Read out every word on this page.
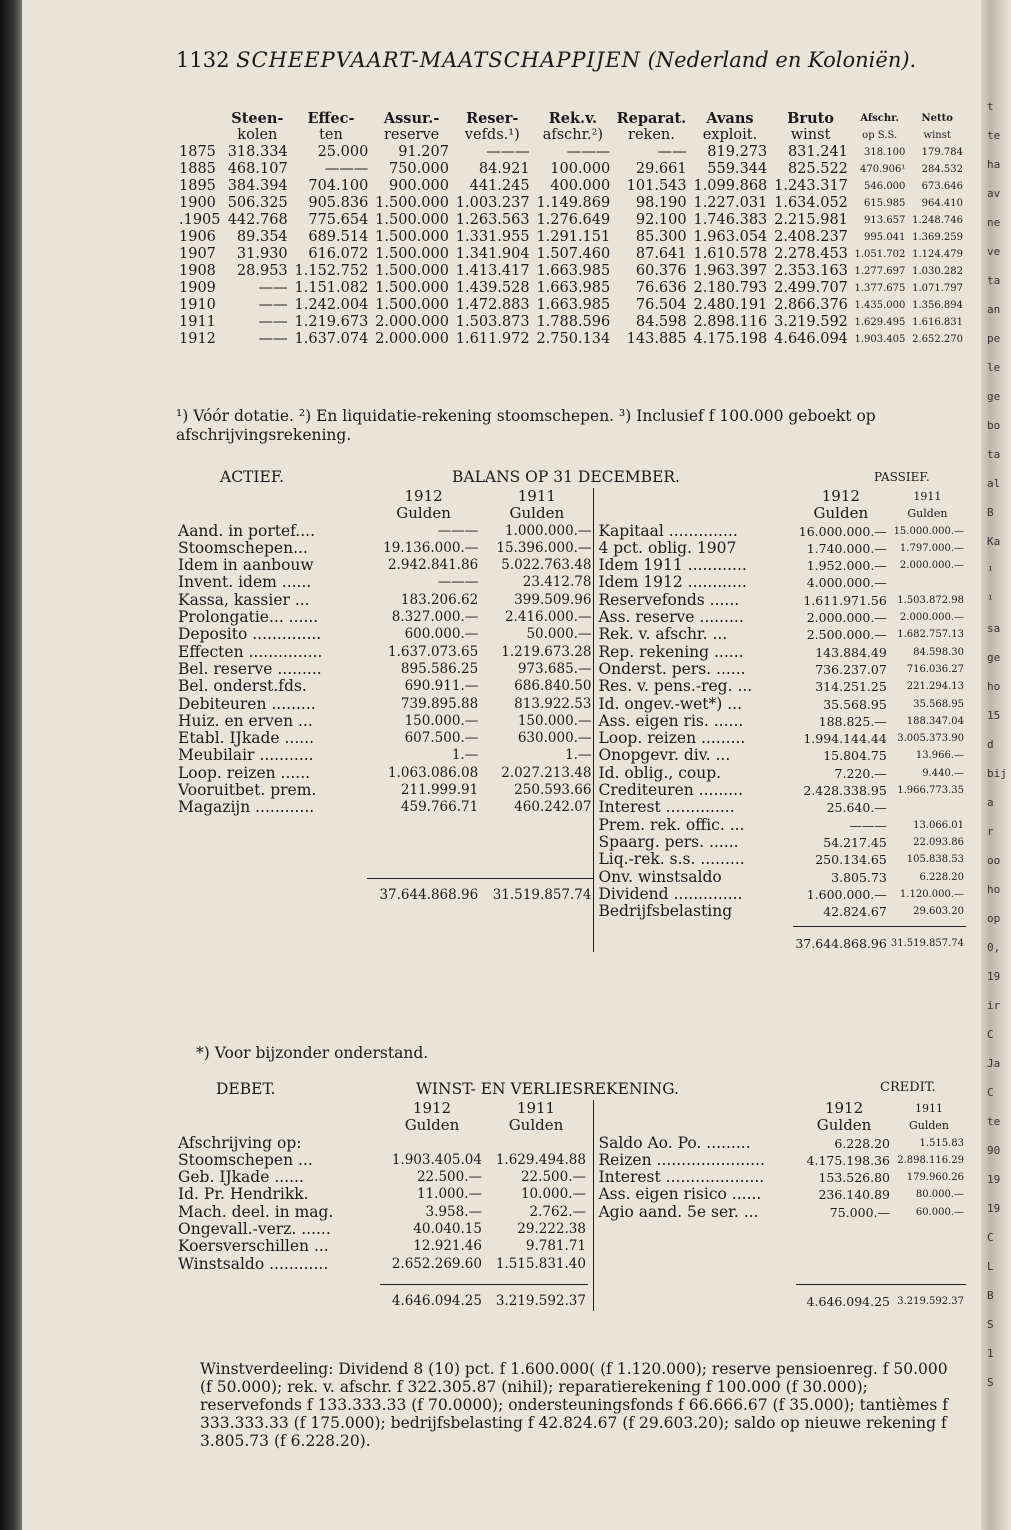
t
te
ha
av
ne
ve
ta
an
pe
le
ge
bo
ta
al
B
Ka
¹
¹
sa
ge
ho
15
d
bij
a
r
oo
ho
op
0,
19
ir
C
Ja
C
te
90
19
19
C
L
B
S
1
S
1132 SCHEEPVAART-MAATSCHAPPIJEN (Nederland en Koloniën).
	Steen-	Effec-	Assur.-	Reser-	Rek.v.	Reparat.	Avans	Bruto	Afschr.	Netto
	kolen	ten	reserve	vefds.¹)	afschr.²)	reken.	exploit.	winst	op S.S.	winst
1875	318.334	25.000	91.207	———	———	——	819.273	831.241	318.100	179.784
1885	468.107	———	750.000	84.921	100.000	29.661	559.344	825.522	470.906¹	284.532
1895	384.394	704.100	900.000	441.245	400.000	101.543	1.099.868	1.243.317	546.000	673.646
1900	506.325	905.836	1.500.000	1.003.237	1.149.869	98.190	1.227.031	1.634.052	615.985	964.410
.1905	442.768	775.654	1.500.000	1.263.563	1.276.649	92.100	1.746.383	2.215.981	913.657	1.248.746
1906	89.354	689.514	1.500.000	1.331.955	1.291.151	85.300	1.963.054	2.408.237	995.041	1.369.259
1907	31.930	616.072	1.500.000	1.341.904	1.507.460	87.641	1.610.578	2.278.453	1.051.702	1.124.479
1908	28.953	1.152.752	1.500.000	1.413.417	1.663.985	60.376	1.963.397	2.353.163	1.277.697	1.030.282
1909	——	1.151.082	1.500.000	1.439.528	1.663.985	76.636	2.180.793	2.499.707	1.377.675	1.071.797
1910	——	1.242.004	1.500.000	1.472.883	1.663.985	76.504	2.480.191	2.866.376	1.435.000	1.356.894
1911	——	1.219.673	2.000.000	1.503.873	1.788.596	84.598	2.898.116	3.219.592	1.629.495	1.616.831
1912	——	1.637.074	2.000.000	1.611.972	2.750.134	143.885	4.175.198	4.646.094	1.903.405	2.652.270
¹) Vóór dotatie. ²) En liquidatie-rekening stoomschepen. ³) Inclusief f 100.000 geboekt op afschrijvingsrekening.
ACTIEF.	BALANS OP 31 DECEMBER.	PASSIEF.
	1912	1911
	Gulden	Gulden
Aand. in portef....	———	1.000.000.—
Stoomschepen...	19.136.000.—	15.396.000.—
Idem in aanbouw	2.942.841.86	5.022.763.48
Invent. idem ......	———	23.412.78
Kassa, kassier ...	183.206.62	399.509.96
Prolongatie... ......	8.327.000.—	2.416.000.—
Deposito ..............	600.000.—	50.000.—
Effecten ...............	1.637.073.65	1.219.673.28
Bel. reserve .........	895.586.25	973.685.—
Bel. onderst.fds.	690.911.—	686.840.50
Debiteuren .........	739.895.88	813.922.53
Huiz. en erven ...	150.000.—	150.000.—
Etabl. IJkade ......	607.500.—	630.000.—
Meubilair ...........	1.—	1.—
Loop. reizen ......	1.063.086.08	2.027.213.48
Vooruitbet. prem.	211.999.91	250.593.66
Magazijn ............	459.766.71	460.242.07

	37.644.868.96	31.519.857.74
	1912	1911
	Gulden	Gulden
Kapitaal ..............	16.000.000.—	15.000.000.—
4 pct. oblig. 1907	1.740.000.—	1.797.000.—
Idem 1911 ............	1.952.000.—	2.000.000.—
Idem 1912 ............	4.000.000.—	
Reservefonds ......	1.611.971.56	1.503.872.98
Ass. reserve .........	2.000.000.—	2.000.000.—
Rek. v. afschr. ...	2.500.000.—	1.682.757.13
Rep. rekening ......	143.884.49	84.598.30
Onderst. pers. ......	736.237.07	716.036.27
Res. v. pens.-reg. ...	314.251.25	221.294.13
Id. ongev.-wet*) ...	35.568.95	35.568.95
Ass. eigen ris. ......	188.825.—	188.347.04
Loop. reizen .........	1.994.144.44	3.005.373.90
Onopgevr. div. ...	15.804.75	13.966.—
Id. oblig., coup.	7.220.—	9.440.—
Crediteuren .........	2.428.338.95	1.966.773.35
Interest ..............	25.640.—	
Prem. rek. offic. ...	———	13.066.01
Spaarg. pers. ......	54.217.45	22.093.86
Liq.-rek. s.s. .........	250.134.65	105.838.53
Onv. winstsaldo	3.805.73	6.228.20
Dividend ..............	1.600.000.—	1.120.000.—
Bedrijfsbelasting	42.824.67	29.603.20

	37.644.868.96	31.519.857.74
*) Voor bijzonder onderstand.
DEBET.	WINST- EN VERLIESREKENING.	CREDIT.
	1912	1911
	Gulden	Gulden
Afschrijving op:		
Stoomschepen ...	1.903.405.04	1.629.494.88
Geb. IJkade ......	22.500.—	22.500.—
Id. Pr. Hendrikk.	11.000.—	10.000.—
Mach. deel. in mag.	3.958.—	2.762.—
Ongevall.-verz. ......	40.040.15	29.222.38
Koersverschillen ...	12.921.46	9.781.71
Winstsaldo ............	2.652.269.60	1.515.831.40

	4.646.094.25	3.219.592.37
	1912	1911
	Gulden	Gulden
Saldo Ao. Po. .........	6.228.20	1.515.83
Reizen ......................	4.175.198.36	2.898.116.29
Interest ....................	153.526.80	179.960.26
Ass. eigen risico ......	236.140.89	80.000.—
Agio aand. 5e ser. ...	75.000.—	60.000.—

	4.646.094.25	3.219.592.37
Winstverdeeling: Dividend 8 (10) pct. f 1.600.000( (f 1.120.000); reserve pensioenreg. f 50.000 (f 50.000); rek. v. afschr. f 322.305.87 (nihil); reparatierekening f 100.000 (f 30.000); reservefonds f 133.333.33 (f 70.0000); ondersteuningsfonds f 66.666.67 (f 35.000); tantièmes f 333.333.33 (f 175.000); bedrijfsbelasting f 42.824.67 (f 29.603.20); saldo op nieuwe rekening f 3.805.73 (f 6.228.20).
